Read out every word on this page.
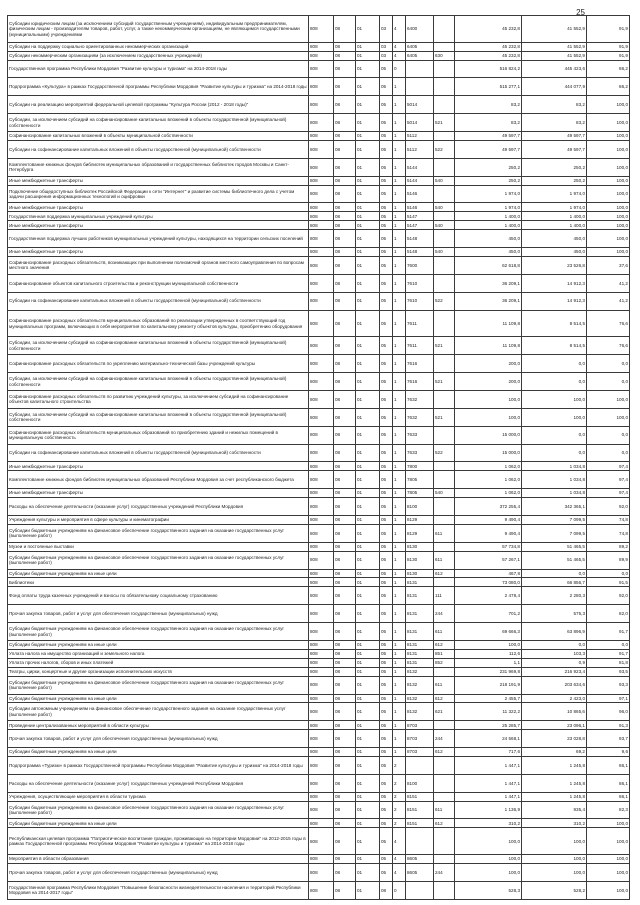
25
Субсидии юридическим лицам (за исключением субсидий государственным учреждениям), индивидуальным предпринимателям, физическим лицам - производителям товаров, работ, услуг, а также некоммерческим организациям, не являющимся государственными (муниципальными) учреждениями	808	08	01	03	4	6400		45 232,8	41 552,9	91,9
Субсидии на поддержку социально ориентированных некоммерческих организаций	808	08	01	03	4	6405		45 232,8	41 552,9	91,9
Субсидии некоммерческим организациям (за исключением государственных учреждений)	808	08	01	03	4	6405	630	45 232,8	41 552,9	91,9
Государственная программа Республики Мордовия "Развитие культуры и туризма" на 2014-2018 годы	808	08	01	05	0			516 824,2	445 423,6	86,2
Подпрограмма «Культура» в рамках Государственной программы Республики Мордовия "Развитие культуры и туризма" на 2014-2018 годы	808	08	01	05	1			515 277,1	444 077,9	86,2
Субсидии на реализацию мероприятий федеральной целевой программы "Культура России (2012 - 2018 годы)"	808	08	01	05	1	5014		83,2	83,2	100,0
Субсидии, за исключением субсидий на софинансирование капитальных вложений в объекты государственной (муниципальной) собственности	808	08	01	05	1	5014	521	83,2	83,2	100,0
Софинансирование капитальных вложений в объекты муниципальной собственности	808	08	01	05	1	5112		49 597,7	49 597,7	100,0
Субсидии на софинансирование капитальных вложений в объекты государственной (муниципальной) собственности	808	08	01	05	1	5112	522	49 597,7	49 597,7	100,0
Комплектование книжных фондов библиотек муниципальных образований и государственных библиотек городов Москвы и Санкт-Петербурга	808	08	01	05	1	5144		250,2	250,2	100,0
Иные межбюджетные трансферты	808	08	01	05	1	5144	540	250,2	250,2	100,0
Подключение общедоступных библиотек Российской Федерации к сети "Интернет" и развитие системы библиотечного дела с учетом задачи расширения информационных технологий и оцифровки	808	08	01	05	1	5146		1 974,0	1 974,0	100,0
Иные межбюджетные трансферты	808	08	01	05	1	5146	540	1 974,0	1 974,0	100,0
Государственная поддержка муниципальных учреждений культуры	808	08	01	05	1	5147		1 400,0	1 400,0	100,0
Иные межбюджетные трансферты	808	08	01	05	1	5147	540	1 400,0	1 400,0	100,0
Государственная поддержка лучших работников муниципальных учреждений культуры, находящихся на территории сельских поселений	808	08	01	05	1	5148		450,0	450,0	100,0
Иные межбюджетные трансферты	808	08	01	05	1	5148	540	450,0	450,0	100,0
Софинансирование расходных обязательств, возникающих при выполнении полномочий органов местного самоуправления по вопросам местного значения	808	08	01	05	1	7600		62 618,8	23 526,8	37,6
Софинансирование объектов капитального строительства и реконструкции муниципальной собственности	808	08	01	05	1	7610		36 209,1	14 912,3	41,2
Субсидии на софинансирование капитальных вложений в объекты государственной (муниципальной) собственности	808	08	01	05	1	7610	522	36 209,1	14 912,3	41,2
Софинансирование расходных обязательств муниципальных образований по реализации утвержденных в соответствующий год муниципальных программ, включающих в себя мероприятия по капитальному ремонту объектов культуры, приобретению оборудования	808	08	01	05	1	7611		11 109,8	8 514,5	76,6
Субсидии, за исключением субсидий на софинансирование капитальных вложений в объекты государственной (муниципальной) собственности	808	08	01	05	1	7611	521	11 109,8	8 514,5	76,6
Софинансирование расходных обязательств по укреплению материально-технической базы учреждений культуры	808	08	01	05	1	7616		200,0	0,0	0,0
Субсидии, за исключением субсидий на софинансирование капитальных вложений в объекты государственной (муниципальной) собственности	808	08	01	05	1	7616	521	200,0	0,0	0,0
Софинансирование расходных обязательств по развитию учреждений культуры, за исключением субсидий на софинансирование объектов капитального строительства	808	08	01	05	1	7632		100,0	100,0	100,0
Субсидии, за исключением субсидий на софинансирование капитальных вложений в объекты государственной (муниципальной) собственности	808	08	01	05	1	7632	521	100,0	100,0	100,0
Софинансирование расходных обязательств муниципальных образований по приобретению зданий и нежилых помещений в муниципальную собственность	808	08	01	05	1	7633		15 000,0	0,0	0,0
Субсидии на софинансирование капитальных вложений в объекты государственной (муниципальной) собственности	808	08	01	05	1	7633	522	15 000,0	0,0	0,0
Иные межбюджетные трансферты	808	08	01	05	1	7800		1 062,0	1 034,8	97,4
Комплектование книжных фондов библиотек муниципальных образований Республики Мордовия за счет республиканского бюджета	808	08	01	05	1	7805		1 062,0	1 034,8	97,4
Иные межбюджетные трансферты	808	08	01	05	1	7805	540	1 062,0	1 034,8	97,4
Расходы на обеспечение деятельности (оказание услуг) государственных учреждений Республики Мордовия	808	08	01	05	1	8100		372 255,4	342 365,1	92,0
Учреждения культуры и мероприятия в сфере культуры и кинематографии	808	08	01	05	1	8129		9 490,4	7 099,5	74,8
Субсидии бюджетным учреждениям на финансовое обеспечение государственного задания на оказание государственных услуг (выполнение работ)	808	08	01	05	1	8129	611	9 490,4	7 099,5	74,8
Музеи и постоянные выставки	808	08	01	05	1	8130		57 734,8	51 465,5	89,2
Субсидии бюджетным учреждениям на финансовое обеспечение государственного задания на оказание государственных услуг (выполнение работ)	808	08	01	05	1	8130	611	57 267,1	51 465,5	89,9
Субсидии бюджетным учреждениям на иные цели	808	08	01	05	1	8130	612	467,8	0,0	0,0
Библиотеки	808	08	01	05	1	8131		73 080,0	66 856,7	91,5
Фонд оплаты труда казенных учреждений и взносы по обязательному социальному страхованию	808	08	01	05	1	8131	111	2 478,4	2 280,3	92,0
Прочая закупка товаров, работ и услуг для обеспечения государственных (муниципальных) нужд	808	08	01	05	1	8131	244	701,2	575,3	82,0
Субсидии бюджетным учреждениям на финансовое обеспечение государственного задания на оказание государственных услуг (выполнение работ)	808	08	01	05	1	8131	611	69 666,3	63 896,9	91,7
Субсидии бюджетным учреждениям на иные цели	808	08	01	05	1	8131	612	100,0	0,0	0,0
Уплата налога на имущество организаций и земельного налога	808	08	01	05	1	8131	851	112,6	103,3	91,7
Уплата прочих налогов, сборов и иных платежей	808	08	01	05	1	8131	852	1,1	0,9	81,8
Театры, цирки, концертные и другие организации исполнительских искусств	808	08	01	05	1	8132		231 969,8	216 923,4	93,5
Субсидии бюджетным учреждениям на финансовое обеспечение государственного задания на оказание государственных услуг (выполнение работ)	808	08	01	05	1	8132	611	218 191,9	203 634,6	93,3
Субсидии бюджетным учреждениям на иные цели	808	08	01	05	1	8132	612	2 455,7	2 423,0	97,1
Субсидии автономным учреждениям на финансовое обеспечение государственного задания на оказание государственных услуг (выполнение работ)	808	08	01	05	1	8132	621	11 322,2	10 865,6	96,0
Проведение централизованных мероприятий в области культуры	808	08	01	05	1	8703		25 285,7	23 096,1	91,3
Прочая закупка товаров, работ и услуг для обеспечения государственных (муниципальных) нужд	808	08	01	05	1	8703	244	24 568,1	23 028,8	93,7
Субсидии бюджетным учреждениям на иные цели	808	08	01	05	1	8703	612	717,6	69,2	9,6
Подпрограмма «Туризм» в рамках Государственной программы Республики Мордовия "Развитие культуры и туризма" на 2014-2018 годы	808	08	01	05	2			1 447,1	1 245,8	86,1
Расходы на обеспечение деятельности (оказание услуг) государственных учреждений Республики Мордовия	808	08	01	05	2	8100		1 447,1	1 245,8	86,1
Учреждения, осуществляющие мероприятия в области туризма	808	08	01	05	2	8151		1 447,1	1 245,8	86,1
Субсидии бюджетным учреждениям на финансовое обеспечение государственного задания на оказание государственных услуг (выполнение работ)	808	08	01	05	2	8151	611	1 136,9	935,4	82,3
Субсидии бюджетным учреждениям на иные цели	808	08	01	05	2	8151	612	310,2	310,2	100,0
Республиканская целевая программа "Патриотическое воспитание граждан, проживающих на территории Мордовии" на 2012-2015 годы в рамках Государственной программы Республики Мордовия "Развитие культуры и туризма" на 2014-2018 годы	808	08	01	05	4			100,0	100,0	100,0
Мероприятия в области образования	808	08	01	05	4	8605		100,0	100,0	100,0
Прочая закупка товаров, работ и услуг для обеспечения государственных (муниципальных) нужд	808	08	01	05	4	8605	244	100,0	100,0	100,0
Государственная программа Республики Мордовия "Повышение безопасности жизнедеятельности населения и территорий Республики Мордовия на 2014-2017 годы"	808	08	01	08	0			528,3	528,2	100,0
